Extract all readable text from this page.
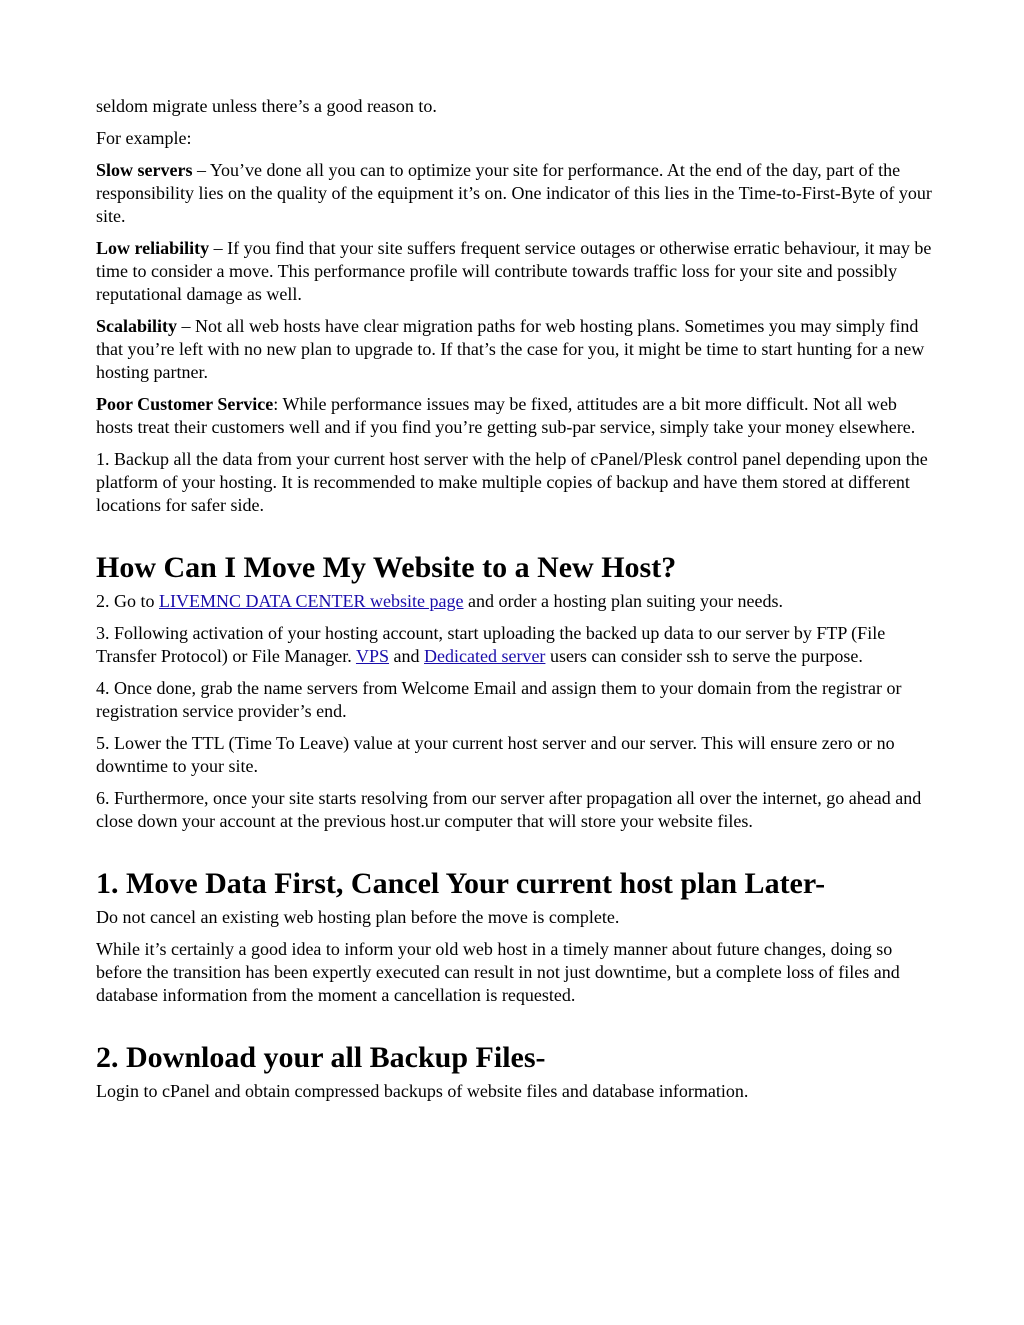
seldom migrate unless there’s a good reason to.

For example:

Slow servers – You’ve done all you can to optimize your site for performance. At the end of the day, part of the responsibility lies on the quality of the equipment it’s on. One indicator of this lies in the Time-to-First-Byte of your site.

Low reliability – If you find that your site suffers frequent service outages or otherwise erratic behaviour, it may be time to consider a move. This performance profile will contribute towards traffic loss for your site and possibly reputational damage as well.

Scalability – Not all web hosts have clear migration paths for web hosting plans. Sometimes you may simply find that you’re left with no new plan to upgrade to. If that’s the case for you, it might be time to start hunting for a new hosting partner.

Poor Customer Service: While performance issues may be fixed, attitudes are a bit more difficult. Not all web hosts treat their customers well and if you find you’re getting sub-par service, simply take your money elsewhere.

1. Backup all the data from your current host server with the help of cPanel/Plesk control panel depending upon the platform of your hosting. It is recommended to make multiple copies of backup and have them stored at different locations for safer side.

How Can I Move My Website to a New Host?

2. Go to LIVEMNC DATA CENTER website page and order a hosting plan suiting your needs.

3. Following activation of your hosting account, start uploading the backed up data to our server by FTP (File Transfer Protocol) or File Manager. VPS and Dedicated server users can consider ssh to serve the purpose.

4. Once done, grab the name servers from Welcome Email and assign them to your domain from the registrar or registration service provider’s end.

5. Lower the TTL (Time To Leave) value at your current host server and our server. This will ensure zero or no downtime to your site.

6. Furthermore, once your site starts resolving from our server after propagation all over the internet, go ahead and close down your account at the previous host.ur computer that will store your website files.

1. Move Data First, Cancel Your current host plan Later-

Do not cancel an existing web hosting plan before the move is complete.

While it’s certainly a good idea to inform your old web host in a timely manner about future changes, doing so before the transition has been expertly executed can result in not just downtime, but a complete loss of files and database information from the moment a cancellation is requested.

2. Download your all Backup Files-

Login to cPanel and obtain compressed backups of website files and database information.
